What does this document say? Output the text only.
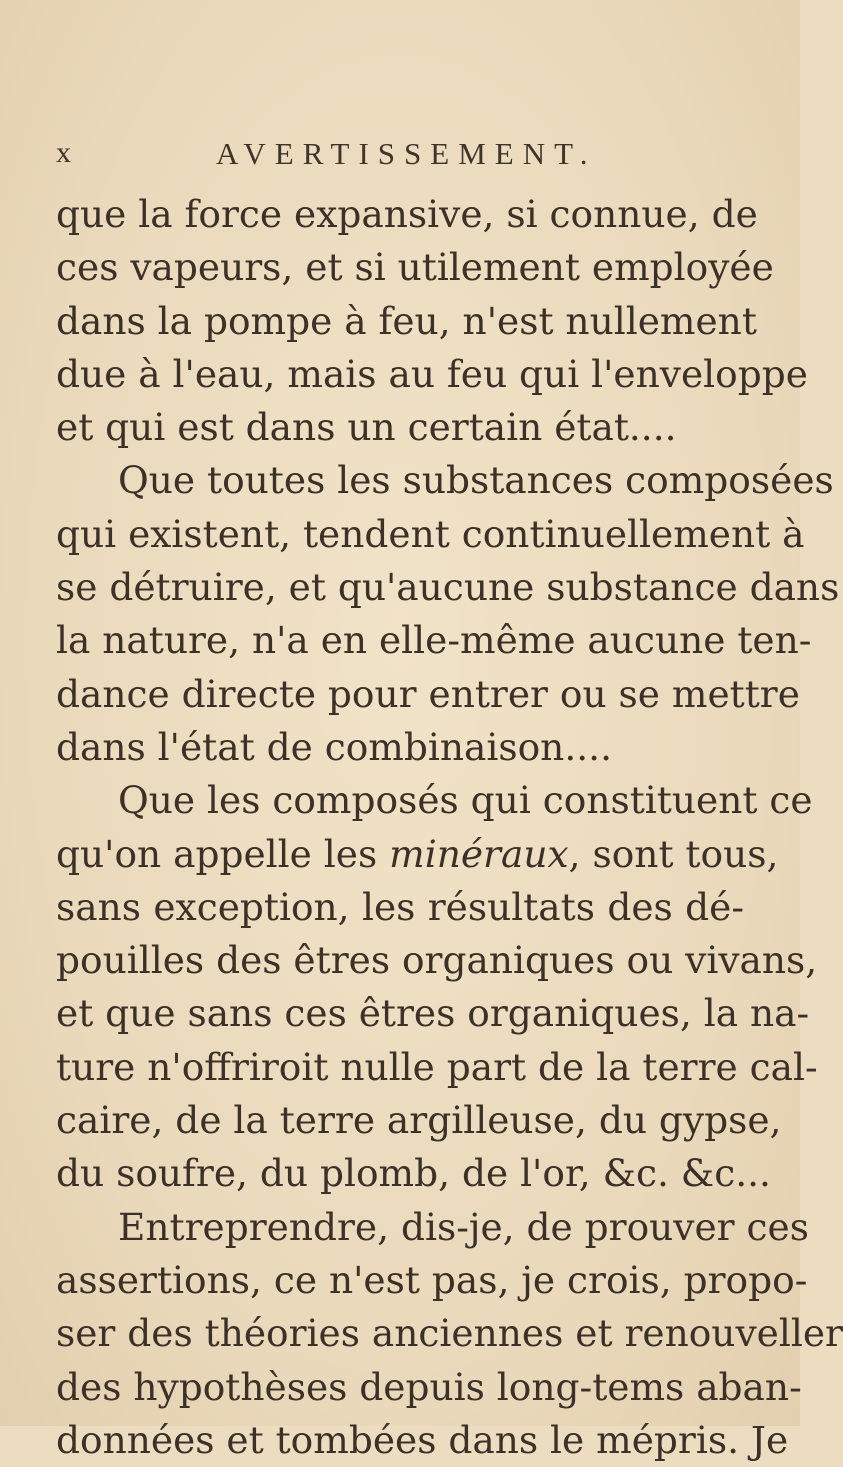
x	AVERTISSEMENT.
que la force expansive, si connue, de
ces vapeurs, et si utilement employée
dans la pompe à feu, n'est nullement
due à l'eau, mais au feu qui l'enveloppe
et qui est dans un certain état....
Que toutes les substances composées
qui existent, tendent continuellement à
se détruire, et qu'aucune substance dans
la nature, n'a en elle-même aucune ten-
dance directe pour entrer ou se mettre
dans l'état de combinaison....
Que les composés qui constituent ce
qu'on appelle les minéraux, sont tous,
sans exception, les résultats des dé-
pouilles des êtres organiques ou vivans,
et que sans ces êtres organiques, la na-
ture n'offriroit nulle part de la terre cal-
caire, de la terre argilleuse, du gypse,
du soufre, du plomb, de l'or, &c. &c...
Entreprendre, dis-je, de prouver ces
assertions, ce n'est pas, je crois, propo-
ser des théories anciennes et renouveller
des hypothèses depuis long-tems aban-
données et tombées dans le mépris. Je
